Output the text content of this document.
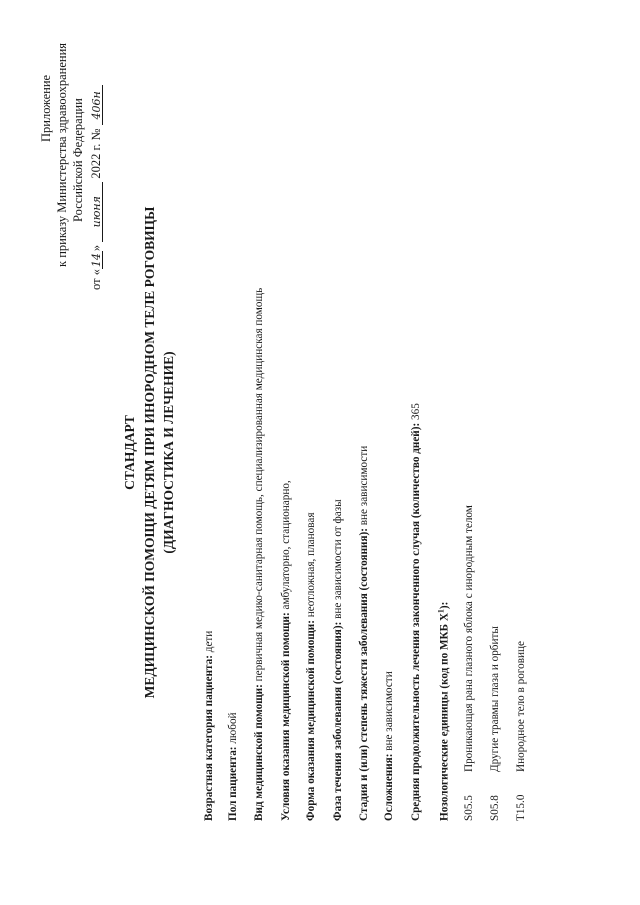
Приложение к приказу Министерства здравоохранения Российской Федерации
от «14» июня 2022 г. № 406н
СТАНДАРТ МЕДИЦИНСКОЙ ПОМОЩИ ДЕТЯМ ПРИ ИНОРОДНОМ ТЕЛЕ РОГОВИЦЫ (ДИАГНОСТИКА И ЛЕЧЕНИЕ)
Возрастная категория пациента: дети
Пол пациента: любой Вид медицинской помощи: первичная медико-санитарная помощь, специализированная медицинская помощь
Условия оказания медицинской помощи: амбулаторно, стационарно,
Форма оказания медицинской помощи: неотложная, плановая
Фаза течения заболевания (состояния): вне зависимости от фазы Стадия и (или) степень тяжести заболевания (состояния): вне зависимости
Осложнения: вне зависимости Средняя продолжительность лечения законченного случая (количество дней): 365
Нозологические единицы (код по МКБ $X^1$):
S05.5
Проникающая рана глазного яблока с инородным телом
S05.8
Другие травмы глаза и орбиты
T15.0
Инородное тело в роговице
